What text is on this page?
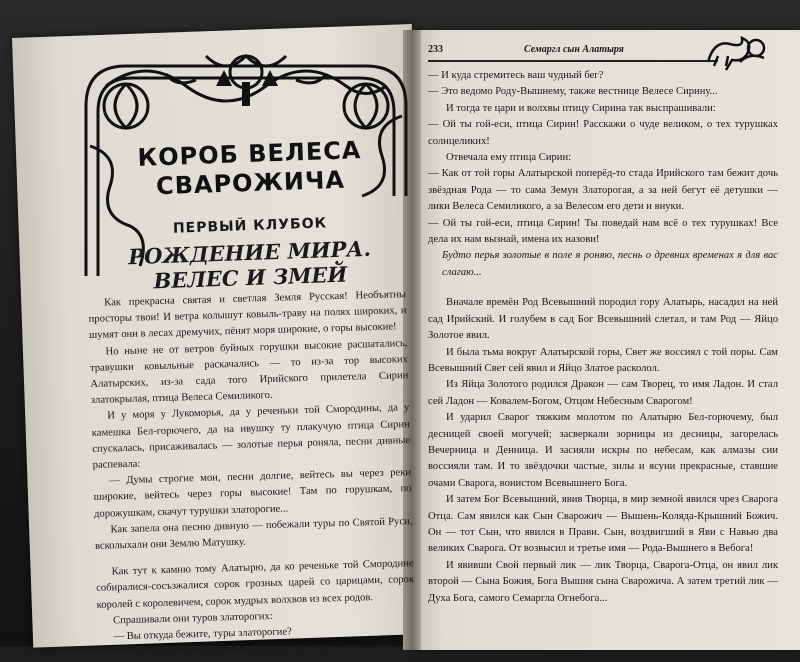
КОРОБ ВЕЛЕСА СВАРОЖИЧА
ПЕРВЫЙ КЛУБОК
РОЖДЕНИЕ МИРА. ВЕЛЕС И ЗМЕЙ

Как прекрасна святая и светлая Земля Русская! Необъятны просторы твои! И ветра колышут ковыль-траву на полях широких, и шумят они в лесах дремучих, пёнят моря широкие, о горы высокие!

Но ныне не от ветров буйных горушки высокие расшатались, травушки ковыльные раскачались — то из-за тор высоких Алатырских, из-за сада того Ирийского прилетела Сирин златокрылая, птица Велеса Семиликого.

И у моря у Лукоморья, да у реченьки той Смородины, да у камешка Бел-горючего, да на ивушку ту плакучую птица Сирин спускалась, присаживалась — золотые перья роняла, песни дивные распевала:

— Думы строгие мои, песни долгие, вейтесь вы через реки широкие, вейтесь через горы высокие! Там по горушкам, по дорожушкам, скачут турушки златорогие...

Как запела она песню дивную — побежали туры по Святой Руси, всколыхали они Землю Матушку.

Как тут к камню тому Алатырю, да ко реченьке той Смородине собиралися-сосъзжалися сорок грозных царей со царицами, сорок королей с королевичем, сорок мудрых волхвов из всех родов.

Спрашивали они туров златорогих:

— Вы откуда бежите, туры златорогие?

— Мы бежим от сада Ирийского, да от той горы Алатырской...

233	Семаргл сын Алатыря

— И куда стремитесь ваш чудный бег?

— Это ведомо Роду-Вышнему, также вестнице Велесе Сирину...

И тогда те цари и волхвы птицу Сирина так выспрашивали:

— Ой ты гой-еси, птица Сирин! Расскажи о чуде великом, о тех турушках солнцеликих!

Отвечала ему птица Сирин:

— Как от той горы Алатырской поперёд-то стада Ирийского там бежит дочь звёздная Рода — то сама Земун Златорогая, а за ней бегут её детушки — лики Велеса Семиликого, а за Велесом его дети и внуки.

— Ой ты гой-еси, птица Сирин! Ты поведай нам всё о тех турушках! Все дела их нам вызнай, имена их назови!

Будто перья золотые в поле я роняю, песнь о древних временах я для вас слагаю...

Вначале времён Род Всевышний породил гору Алатырь, насадил на ней сад Ирийский. И голубем в сад Бог Всевышний слетал, и там Род — Яйцо Золотое явил.

И была тьма вокруг Алатырской горы, Свет же воссиял с той поры. Сам Всевышний Свет сей явил и Яйцо Златое расколол.

Из Яйца Золотого родился Дракон — сам Творец, то имя Ладон. И стал сей Ладон — Ковалем-Богом, Отцом Небесным Сварогом!

И ударил Сварог тяжким молотом по Алатырю Бел-горючему, был десницей своей могучей; засверкали зорницы из десницы, загорелась Вечерница и Денница. И засияли искры по небесам, как алмазы сии воссияли там. И то звёздочки частые, зилы и ясуни прекрасные, ставшие очами Сварога, вонистом Всевышнего Бога.

И затем Бог Всевышний, явив Творца, в мир земной явился чрез Сварога Отца. Сам явился как Сын Сварожич — Вышень-Коляда-Крышний Божич. Он — тот Сын, что явился в Прави. Сын, воздвигший в Яви с Навью два великих Сварога. От возвысил и третье имя — Рода-Вышнего в Вебога!

И явивши Свой первый лик — лик Творца, Сварога-Отца, он явил лик второй — Сына Божия, Бога Вышня сына Сварожича. А затем третий лик — Духа Бога, самого Семаргла Огнебога...
